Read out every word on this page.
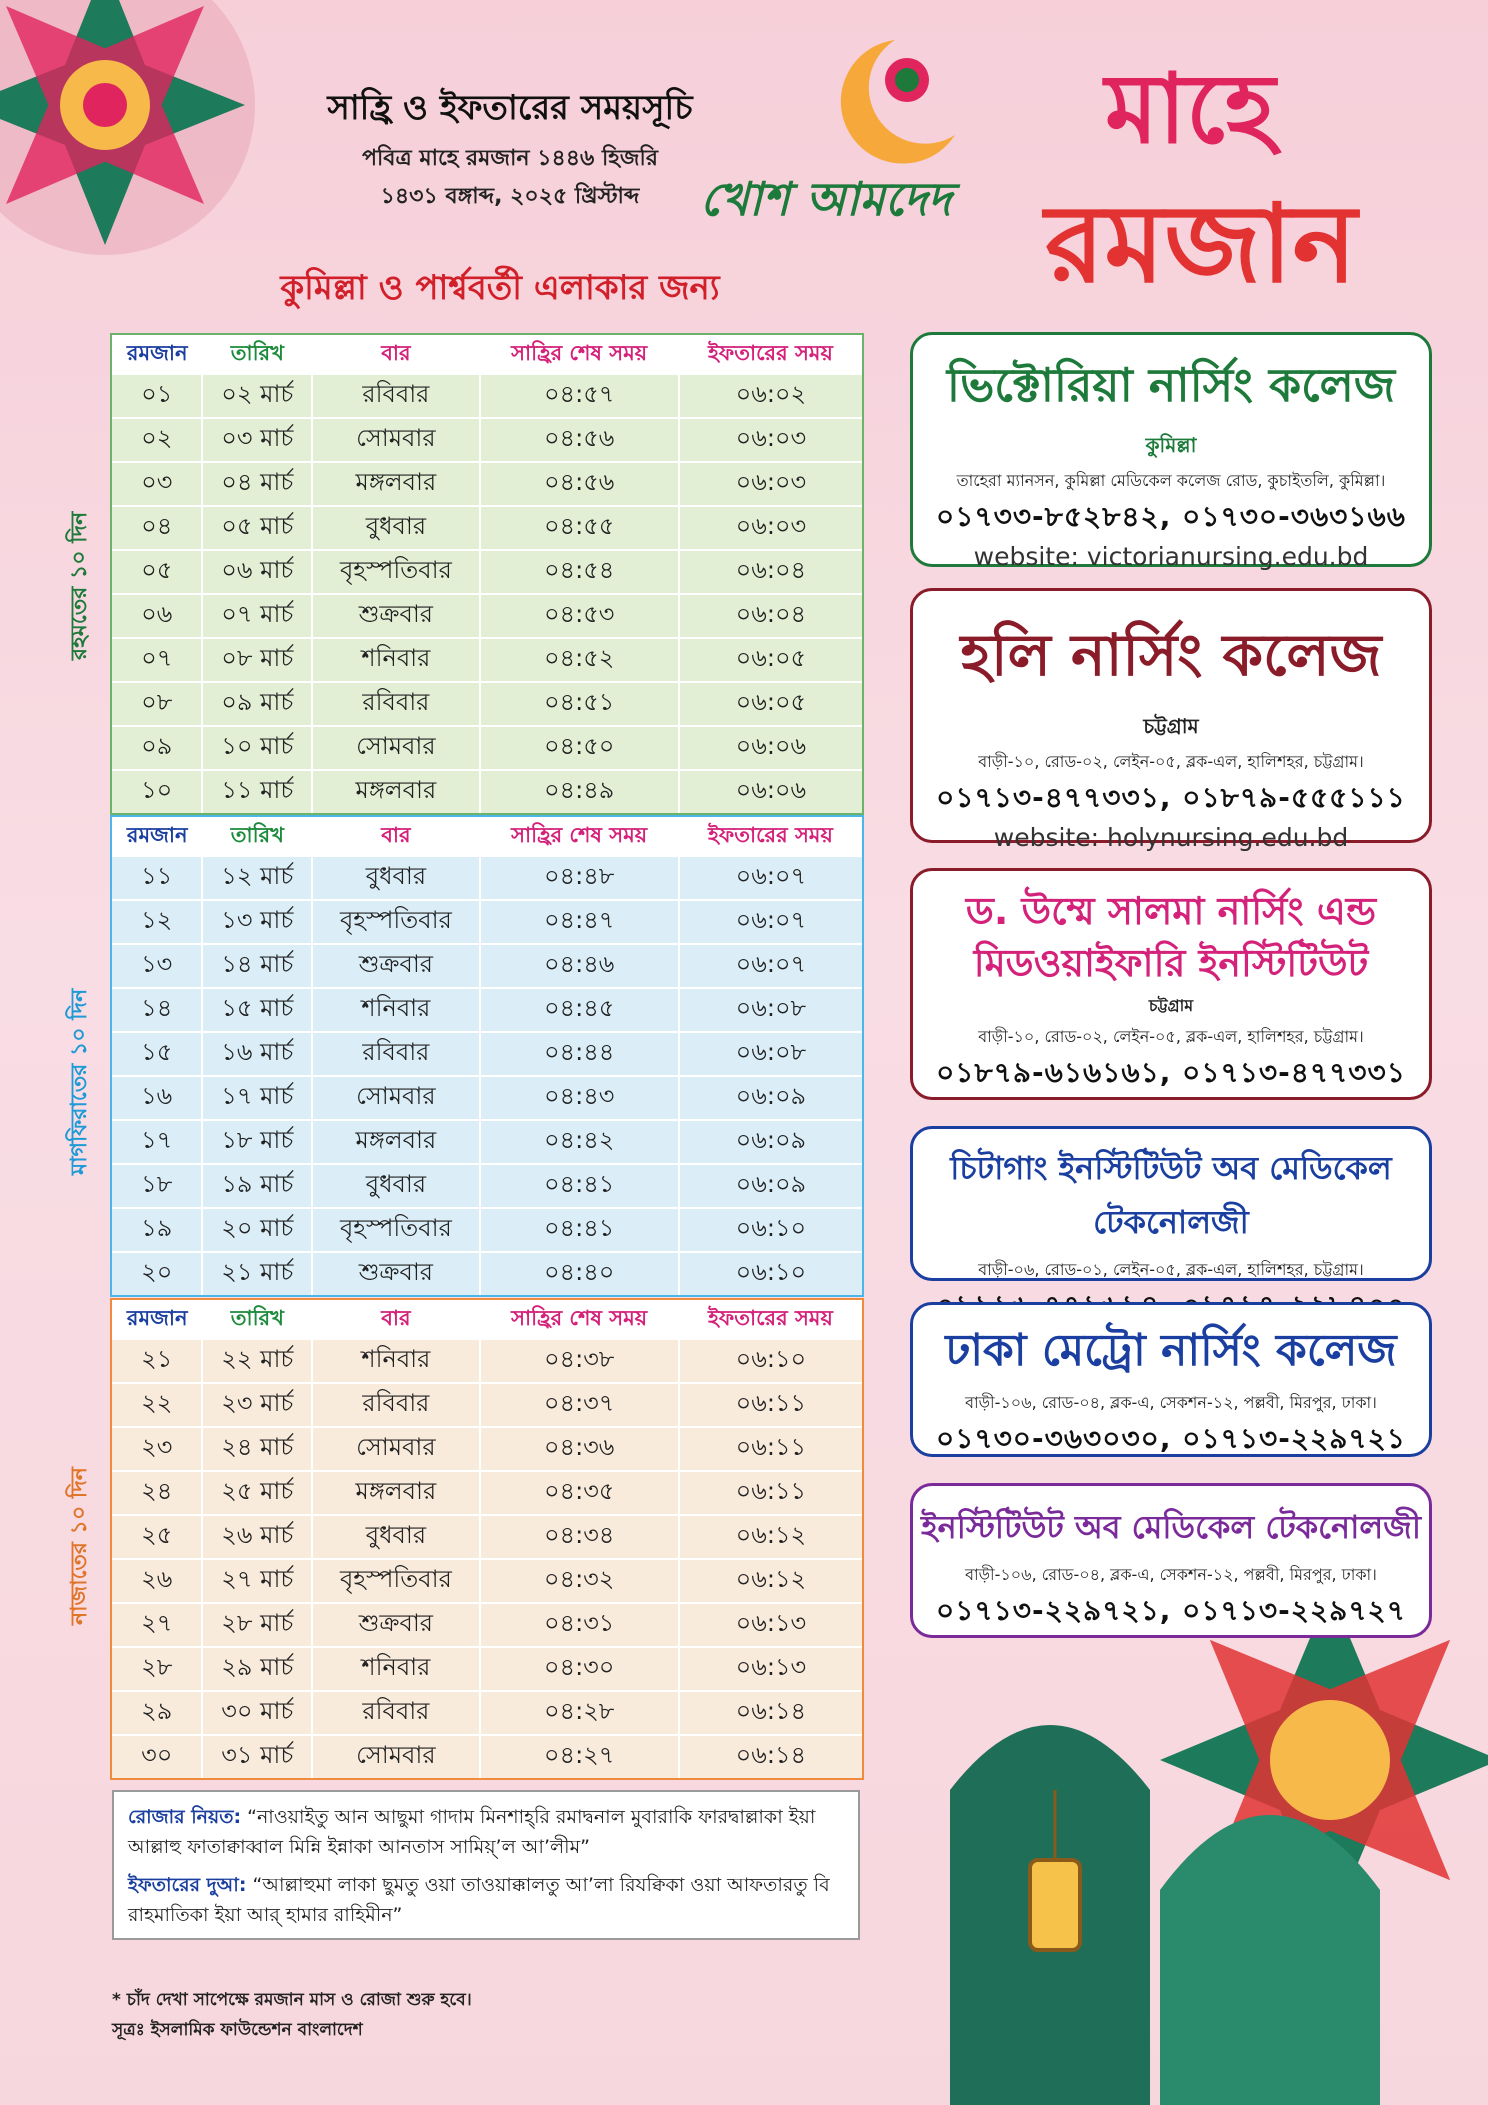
সাহ্রি ও ইফতারের সময়সূচি
পবিত্র মাহে রমজান ১৪৪৬ হিজরি
১৪৩১ বঙ্গাব্দ, ২০২৫ খ্রিস্টাব্দ	খোশ আমদেদ
মাহে
রমজান
কুমিল্লা ও পার্শ্ববর্তী এলাকার জন্য
রহমতের ১০ দিন
রমজান	তারিখ	বার	সাহ্রির শেষ সময়	ইফতারের সময়
০১	০২ মার্চ	রবিবার	০৪:৫৭	০৬:০২
০২	০৩ মার্চ	সোমবার	০৪:৫৬	০৬:০৩
০৩	০৪ মার্চ	মঙ্গলবার	০৪:৫৬	০৬:০৩
০৪	০৫ মার্চ	বুধবার	০৪:৫৫	০৬:০৩
০৫	০৬ মার্চ	বৃহস্পতিবার	০৪:৫৪	০৬:০৪
০৬	০৭ মার্চ	শুক্রবার	০৪:৫৩	০৬:০৪
০৭	০৮ মার্চ	শনিবার	০৪:৫২	০৬:০৫
০৮	০৯ মার্চ	রবিবার	০৪:৫১	০৬:০৫
০৯	১০ মার্চ	সোমবার	০৪:৫০	০৬:০৬
১০	১১ মার্চ	মঙ্গলবার	০৪:৪৯	০৬:০৬
মাগফিরাতের ১০ দিন
রমজান	তারিখ	বার	সাহ্রির শেষ সময়	ইফতারের সময়
১১	১২ মার্চ	বুধবার	০৪:৪৮	০৬:০৭
১২	১৩ মার্চ	বৃহস্পতিবার	০৪:৪৭	০৬:০৭
১৩	১৪ মার্চ	শুক্রবার	০৪:৪৬	০৬:০৭
১৪	১৫ মার্চ	শনিবার	০৪:৪৫	০৬:০৮
১৫	১৬ মার্চ	রবিবার	০৪:৪৪	০৬:০৮
১৬	১৭ মার্চ	সোমবার	০৪:৪৩	০৬:০৯
১৭	১৮ মার্চ	মঙ্গলবার	০৪:৪২	০৬:০৯
১৮	১৯ মার্চ	বুধবার	০৪:৪১	০৬:০৯
১৯	২০ মার্চ	বৃহস্পতিবার	০৪:৪১	০৬:১০
২০	২১ মার্চ	শুক্রবার	০৪:৪০	০৬:১০
নাজাতের ১০ দিন
রমজান	তারিখ	বার	সাহ্রির শেষ সময়	ইফতারের সময়
২১	২২ মার্চ	শনিবার	০৪:৩৮	০৬:১০
২২	২৩ মার্চ	রবিবার	০৪:৩৭	০৬:১১
২৩	২৪ মার্চ	সোমবার	০৪:৩৬	০৬:১১
২৪	২৫ মার্চ	মঙ্গলবার	০৪:৩৫	০৬:১১
২৫	২৬ মার্চ	বুধবার	০৪:৩৪	০৬:১২
২৬	২৭ মার্চ	বৃহস্পতিবার	০৪:৩২	০৬:১২
২৭	২৮ মার্চ	শুক্রবার	০৪:৩১	০৬:১৩
২৮	২৯ মার্চ	শনিবার	০৪:৩০	০৬:১৩
২৯	৩০ মার্চ	রবিবার	০৪:২৮	০৬:১৪
৩০	৩১ মার্চ	সোমবার	০৪:২৭	০৬:১৪
রোজার নিয়ত: “নাওয়াইতু আন আছুমা গাদাম মিনশাহ্‌রি রমাদ্বনাল মুবারাকি ফারদ্বাল্লাকা ইয়া আল্লাহু ফাতাক্বাব্বাল মিন্নি ইন্নাকা আনতাস সামিয়্‌’ল আ’লীম”
ইফতারের দুআ: “আল্লাহুমা লাকা ছুমতু ওয়া তাওয়াক্কালতু আ’লা রিযক্বিকা ওয়া আফতারতু বি রাহমাতিকা ইয়া আর্‌ হামার রাহিমীন”
* চাঁদ দেখা সাপেক্ষে রমজান মাস ও রোজা শুরু হবে।
সূত্রঃ ইসলামিক ফাউন্ডেশন বাংলাদেশ
ভিক্টোরিয়া নার্সিং কলেজ
কুমিল্লা
তাহেরা ম্যানসন, কুমিল্লা মেডিকেল কলেজ রোড, কুচাইতলি, কুমিল্লা।
০১৭৩৩-৮৫২৮৪২, ০১৭৩০-৩৬৩১৬৬
website: victorianursing.edu.bd
হলি নার্সিং কলেজ
চট্টগ্রাম
বাড়ী-১০, রোড-০২, লেইন-০৫, ব্লক-এল, হালিশহর, চট্টগ্রাম।
০১৭১৩-৪৭৭৩৩১, ০১৮৭৯-৫৫৫১১১
website: holynursing.edu.bd
ড. উম্মে সালমা নার্সিং এন্ড মিডওয়াইফারি ইনস্টিটিউট
চট্টগ্রাম
বাড়ী-১০, রোড-০২, লেইন-০৫, ব্লক-এল, হালিশহর, চট্টগ্রাম।
০১৮৭৯-৬১৬১৬১, ০১৭১৩-৪৭৭৩৩১
চিটাগাং ইনস্টিটিউট অব মেডিকেল টেকনোলজী
বাড়ী-০৬, রোড-০১, লেইন-০৫, ব্লক-এল, হালিশহর, চট্টগ্রাম।
ঢাকা মেট্রো নার্সিং কলেজ
বাড়ী-১০৬, রোড-০৪, ব্লক-এ, সেকশন-১২, পল্লবী, মিরপুর, ঢাকা।
০১৭৩০-৩৬৩০৩০, ০১৭১৩-২২৯৭২১
ইনস্টিটিউট অব মেডিকেল টেকনোলজী
বাড়ী-১০৬, রোড-০৪, ব্লক-এ, সেকশন-১২, পল্লবী, মিরপুর, ঢাকা।
০১৭১৩-২২৯৭২১, ০১৭১৩-২২৯৭২৭
